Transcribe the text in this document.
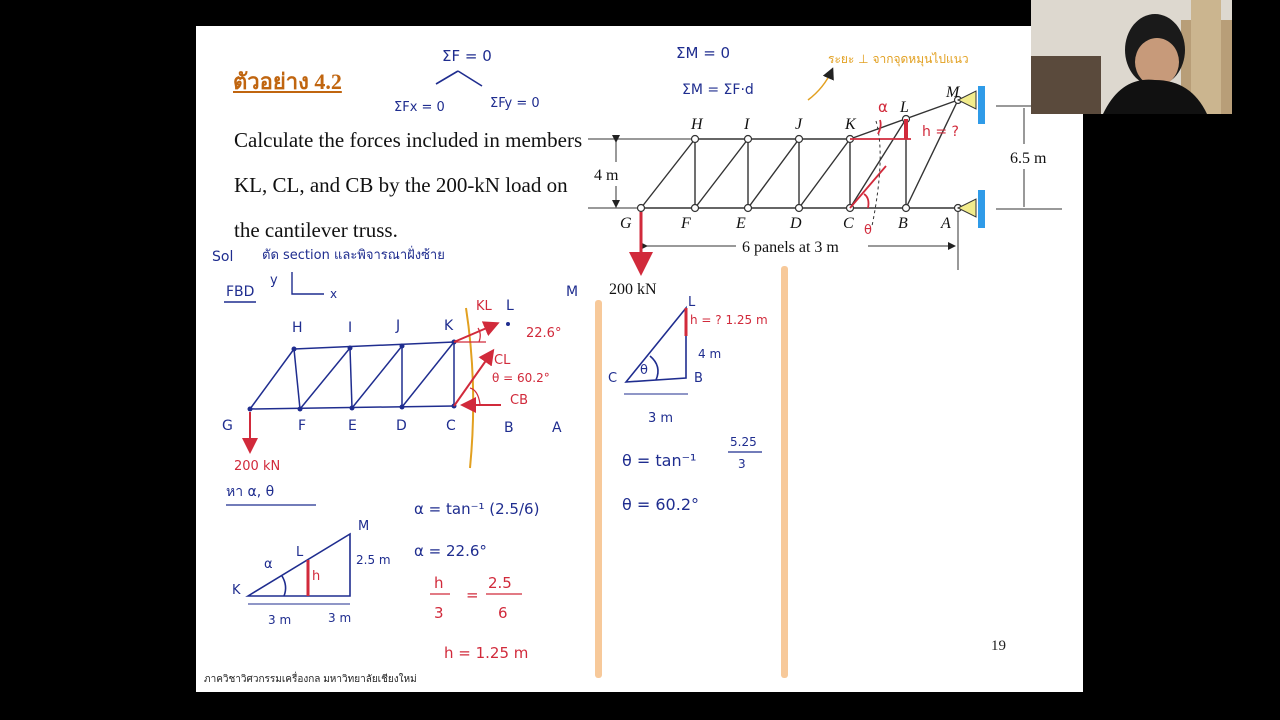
ตัวอย่าง 4.2
Calculate the forces included in members KL, CL, and CB by the 200-kN load on the cantilever truss.
ภาควิชาวิศวกรรมเครื่องกล มหาวิทยาลัยเชียงใหม่
19
ΣF = 0
ΣFx = 0	ΣFy = 0
ΣM = 0
ΣM = ΣF·d
ระยะ ⊥ จากจุดหมุนไปแนว
α
θ
h = ?
H	I	J	K
L
M
G	F	E	D	C	B A
4 m
6.5 m
6 panels at 3 m
200 kN
Sol ตัด section และพิจารณาฝั่งซ้าย
FBD
y
x
H	I	J	K
L
M
G	F	E	D	C	B	A
KL
22.6°
CL
θ = 60.2°
CB
200 kN
หา α, θ
K
L
M
α	2.5 m
3 m	3 m
h
α = tan⁻¹ (2.5/6)
α = 22.6°
h
3
=
2.5
6
h = 1.25 m
L
C	B
θ
4 m
3 m
h = ? 1.25 m
θ = tan⁻¹
5.25
3
θ = 60.2°
